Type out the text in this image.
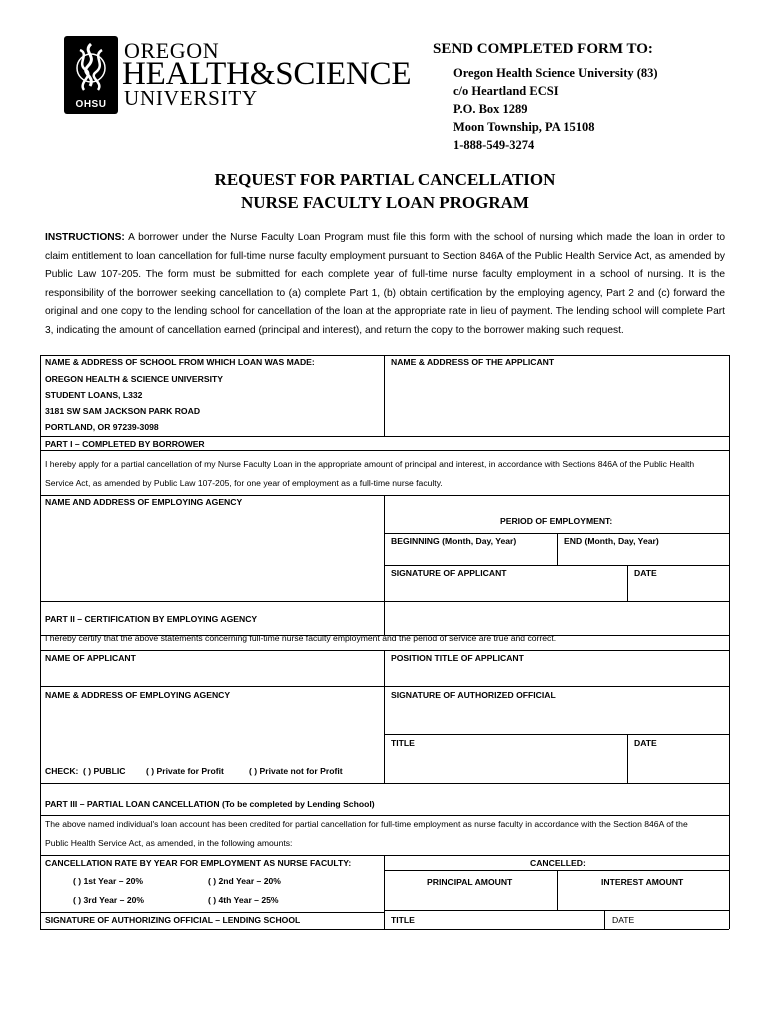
OHSU
OREGON
HEALTH&SCIENCE
UNIVERSITY
SEND COMPLETED FORM TO:
Oregon Health Science University (83)
c/o Heartland ECSI
P.O. Box 1289
Moon Township, PA 15108
1-888-549-3274
REQUEST FOR PARTIAL CANCELLATION
NURSE FACULTY LOAN PROGRAM
INSTRUCTIONS: A borrower under the Nurse Faculty Loan Program must file this form with the school of nursing which made the loan in order to claim entitlement to loan cancellation for full-time nurse faculty employment pursuant to Section 846A of the Public Health Service Act, as amended by Public Law 107-205. The form must be submitted for each complete year of full-time nurse faculty employment in a school of nursing. It is the responsibility of the borrower seeking cancellation to (a) complete Part 1, (b) obtain certification by the employing agency, Part 2 and (c) forward the original and one copy to the lending school for cancellation of the loan at the appropriate rate in lieu of payment. The lending school will complete Part 3, indicating the amount of cancellation earned (principal and interest), and return the copy to the borrower making such request.
NAME & ADDRESS OF SCHOOL FROM WHICH LOAN WAS MADE:	NAME & ADDRESS OF THE APPLICANT
OREGON HEALTH & SCIENCE UNIVERSITY
STUDENT LOANS, L332
3181 SW SAM JACKSON PARK ROAD
PORTLAND, OR 97239-3098
PART I – COMPLETED BY BORROWER
I hereby apply for a partial cancellation of my Nurse Faculty Loan in the appropriate amount of principal and interest, in accordance with Sections 846A of the Public Health
Service Act, as amended by Public Law 107-205, for one year of employment as a full-time nurse faculty.
NAME AND ADDRESS OF EMPLOYING AGENCY
PERIOD OF EMPLOYMENT:
BEGINNING (Month, Day, Year)	END (Month, Day, Year)
SIGNATURE OF APPLICANT	DATE
PART II – CERTIFICATION BY EMPLOYING AGENCY
I hereby certify that the above statements concerning full-time nurse faculty employment and the period of service are true and correct.
NAME OF APPLICANT	POSITION TITLE OF APPLICANT
NAME & ADDRESS OF EMPLOYING AGENCY	SIGNATURE OF AUTHORIZED OFFICIAL
TITLE	DATE
CHECK: ( ) PUBLIC ( ) Private for Profit	( ) Private not for Profit
PART III – PARTIAL LOAN CANCELLATION (To be completed by Lending School)
The above named individual's loan account has been credited for partial cancellation for full-time employment as nurse faculty in accordance with the Section 846A of the
Public Health Service Act, as amended, in the following amounts:
CANCELLATION RATE BY YEAR FOR EMPLOYMENT AS NURSE FACULTY:	CANCELLED:
PRINCIPAL AMOUNT	INTEREST AMOUNT
( ) 1st Year – 20%	( ) 2nd Year – 20%
( ) 3rd Year – 20%	( ) 4th Year – 25%
SIGNATURE OF AUTHORIZING OFFICIAL – LENDING SCHOOL	TITLE	DATE
